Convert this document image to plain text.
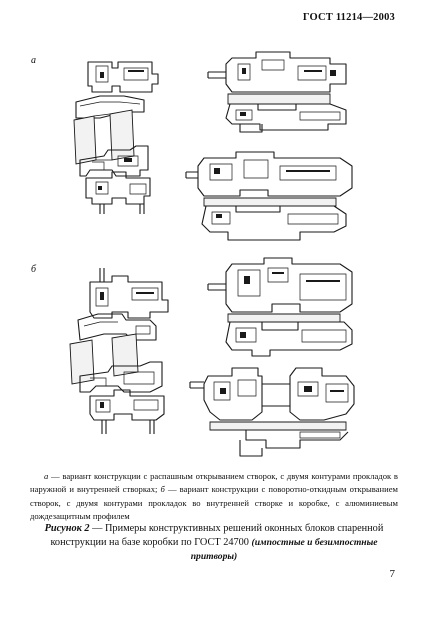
ГОСТ 11214—2003
а
б
а — вариант конструкции с распашным открыванием створок, с двумя контурами прокладок в наружной и внутренней створках; б — вариант конструкции с поворотно-откидным открыванием створок, с двумя контурами прокладок во внутренней створке и коробке, с алюминиевым дождезащитным профилем
Рисунок 2 — Примеры конструктивных решений оконных блоков спаренной конструкции на базе коробки по ГОСТ 24700 (импостные и безимпостные притворы)
7
